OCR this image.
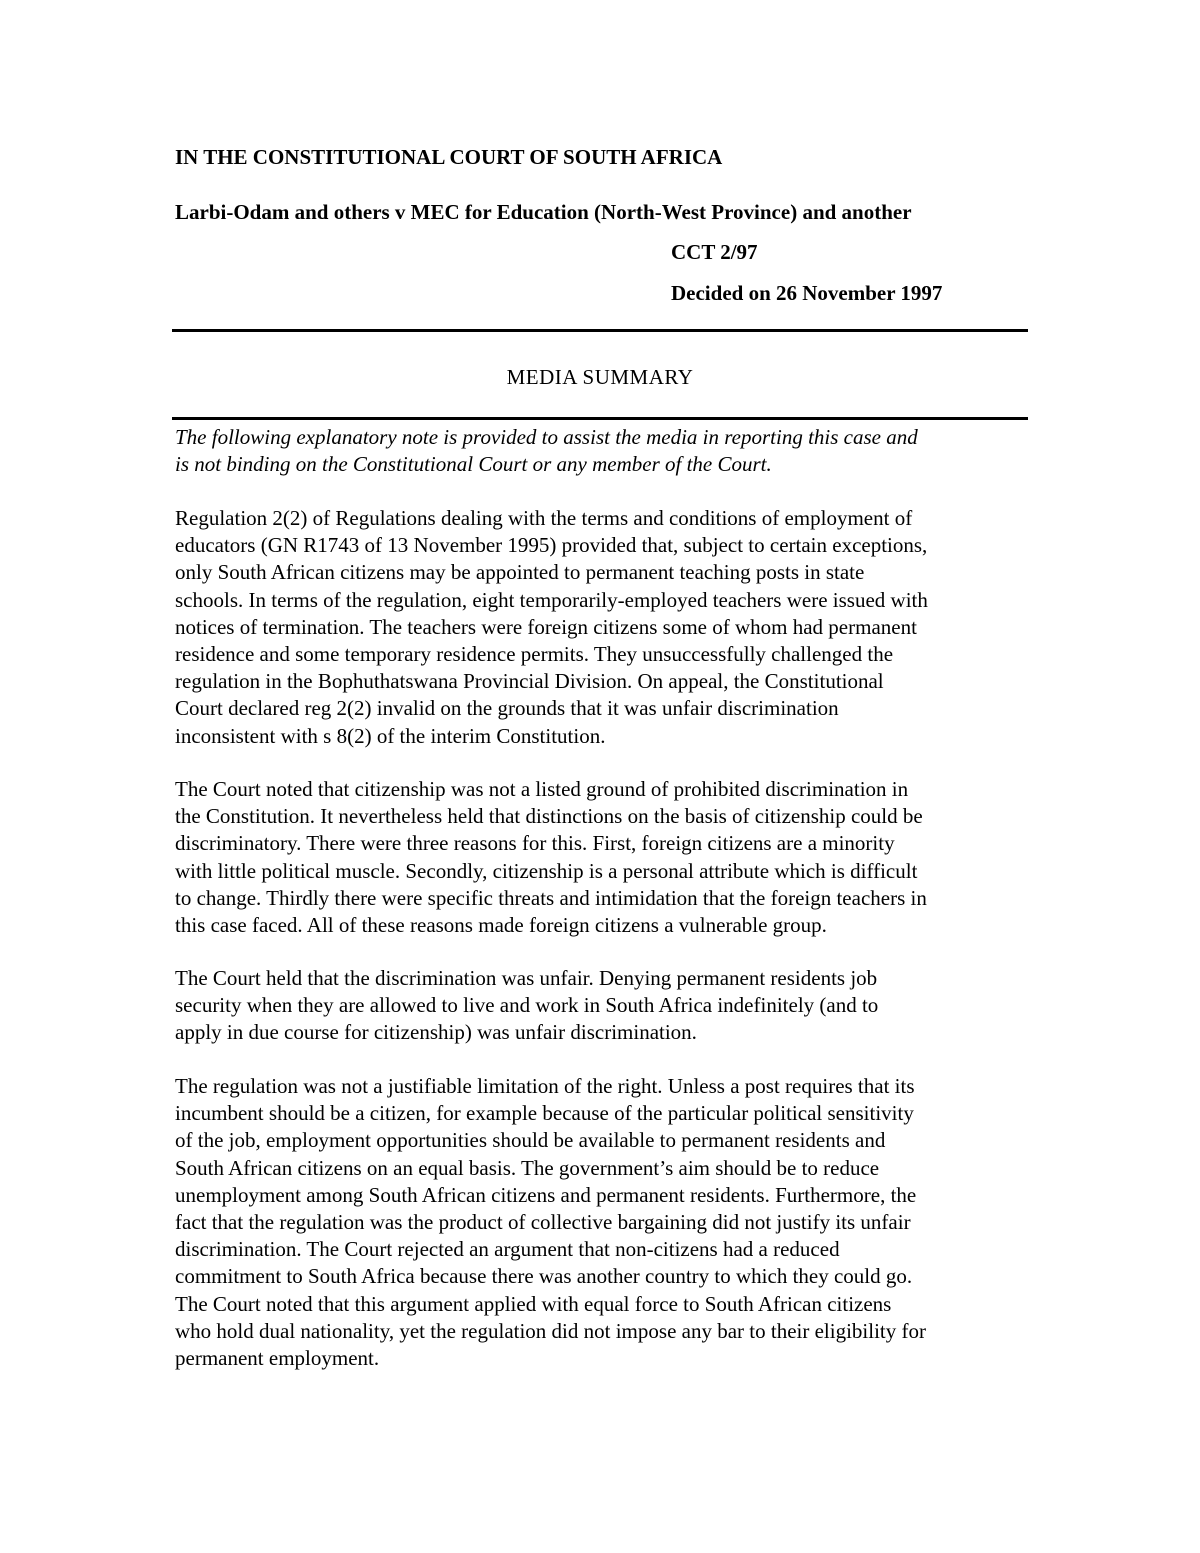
IN THE CONSTITUTIONAL COURT OF SOUTH AFRICA
Larbi-Odam and others v MEC for Education (North-West Province) and another
CCT 2/97
Decided on 26 November 1997
MEDIA SUMMARY
The following explanatory note is provided to assist the media in reporting this case and
is not binding on the Constitutional Court or any member of the Court.
Regulation 2(2) of Regulations dealing with the terms and conditions of employment of
educators (GN R1743 of 13 November 1995) provided that, subject to certain exceptions,
only South African citizens may be appointed to permanent teaching posts in state
schools. In terms of the regulation, eight temporarily-employed teachers were issued with
notices of termination. The teachers were foreign citizens some of whom had permanent
residence and some temporary residence permits. They unsuccessfully challenged the
regulation in the Bophuthatswana Provincial Division. On appeal, the Constitutional
Court declared reg 2(2) invalid on the grounds that it was unfair discrimination
inconsistent with s 8(2) of the interim Constitution.
The Court noted that citizenship was not a listed ground of prohibited discrimination in
the Constitution. It nevertheless held that distinctions on the basis of citizenship could be
discriminatory. There were three reasons for this. First, foreign citizens are a minority
with little political muscle. Secondly, citizenship is a personal attribute which is difficult
to change. Thirdly there were specific threats and intimidation that the foreign teachers in
this case faced. All of these reasons made foreign citizens a vulnerable group.
The Court held that the discrimination was unfair. Denying permanent residents job
security when they are allowed to live and work in South Africa indefinitely (and to
apply in due course for citizenship) was unfair discrimination.
The regulation was not a justifiable limitation of the right. Unless a post requires that its
incumbent should be a citizen, for example because of the particular political sensitivity
of the job, employment opportunities should be available to permanent residents and
South African citizens on an equal basis. The government’s aim should be to reduce
unemployment among South African citizens and permanent residents. Furthermore, the
fact that the regulation was the product of collective bargaining did not justify its unfair
discrimination. The Court rejected an argument that non-citizens had a reduced
commitment to South Africa because there was another country to which they could go.
The Court noted that this argument applied with equal force to South African citizens
who hold dual nationality, yet the regulation did not impose any bar to their eligibility for
permanent employment.
